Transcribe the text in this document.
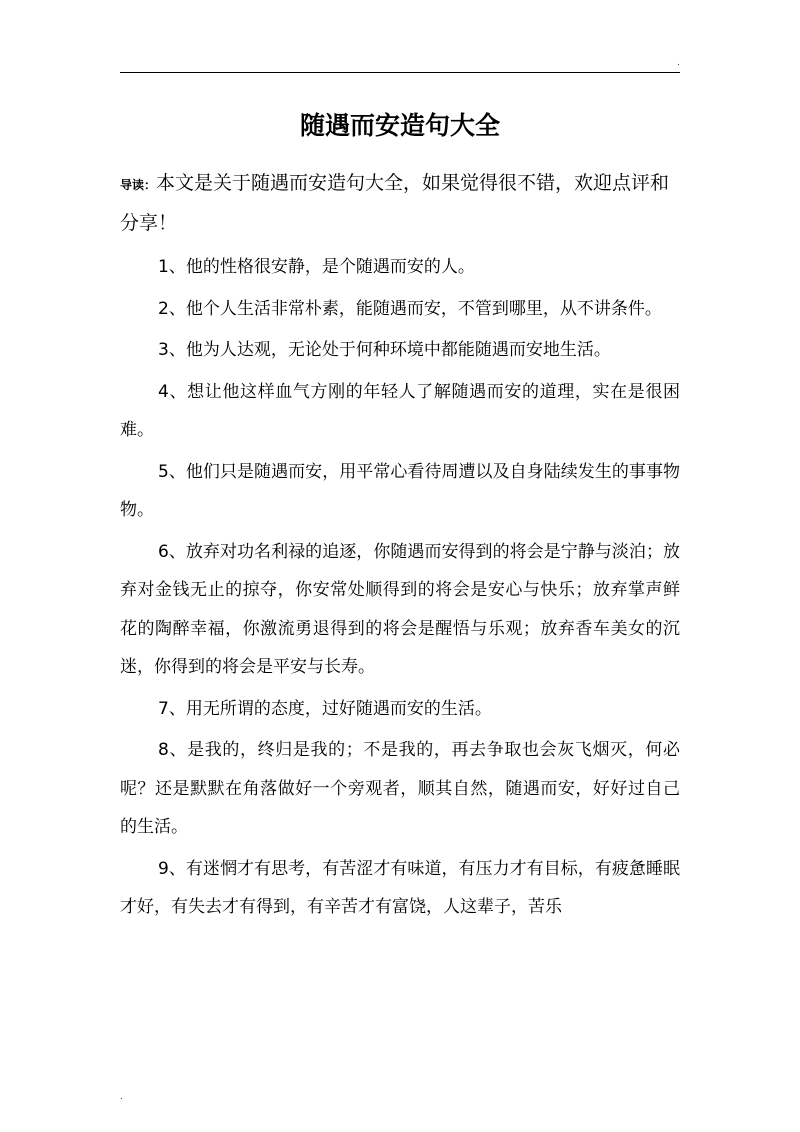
.
随遇而安造句大全

导读：本文是关于随遇而安造句大全，如果觉得很不错，欢迎点评和分享！

1、他的性格很安静，是个随遇而安的人。

2、他个人生活非常朴素，能随遇而安，不管到哪里，从不讲条件。

3、他为人达观，无论处于何种环境中都能随遇而安地生活。

4、想让他这样血气方刚的年轻人了解随遇而安的道理，实在是很困难。

5、他们只是随遇而安，用平常心看待周遭以及自身陆续发生的事事物物。

6、放弃对功名利禄的追逐，你随遇而安得到的将会是宁静与淡泊；放弃对金钱无止的掠夺，你安常处顺得到的将会是安心与快乐；放弃掌声鲜花的陶醉幸福，你激流勇退得到的将会是醒悟与乐观；放弃香车美女的沉迷，你得到的将会是平安与长寿。

7、用无所谓的态度，过好随遇而安的生活。

8、是我的，终归是我的；不是我的，再去争取也会灰飞烟灭，何必呢？还是默默在角落做好一个旁观者，顺其自然，随遇而安，好好过自己的生活。

9、有迷惘才有思考，有苦涩才有味道，有压力才有目标，有疲惫睡眠才好，有失去才有得到，有辛苦才有富饶，人这辈子，苦乐

.
